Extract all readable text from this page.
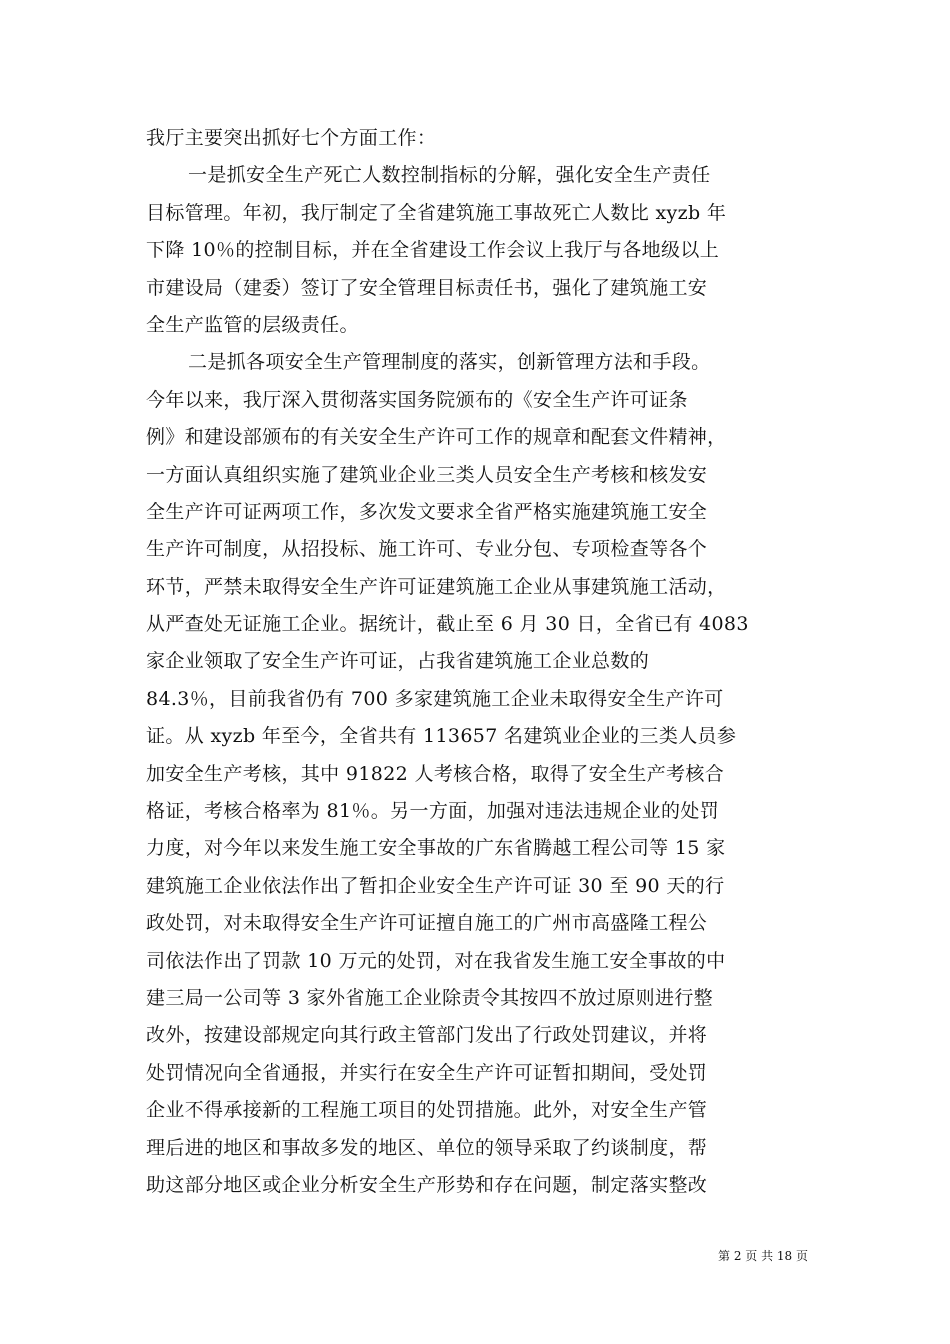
我厅主要突出抓好七个方面工作：
一是抓安全生产死亡人数控制指标的分解，强化安全生产责任
目标管理。年初，我厅制定了全省建筑施工事故死亡人数比 xyzb 年
下降 10％的控制目标，并在全省建设工作会议上我厅与各地级以上
市建设局（建委）签订了安全管理目标责任书，强化了建筑施工安
全生产监管的层级责任。
二是抓各项安全生产管理制度的落实，创新管理方法和手段。
今年以来，我厅深入贯彻落实国务院颁布的《安全生产许可证条
例》和建设部颁布的有关安全生产许可工作的规章和配套文件精神，
一方面认真组织实施了建筑业企业三类人员安全生产考核和核发安
全生产许可证两项工作，多次发文要求全省严格实施建筑施工安全
生产许可制度，从招投标、施工许可、专业分包、专项检查等各个
环节，严禁未取得安全生产许可证建筑施工企业从事建筑施工活动，
从严查处无证施工企业。据统计，截止至 6 月 30 日，全省已有 4083
家企业领取了安全生产许可证，占我省建筑施工企业总数的
84.3％，目前我省仍有 700 多家建筑施工企业未取得安全生产许可
证。从 xyzb 年至今，全省共有 113657 名建筑业企业的三类人员参
加安全生产考核，其中 91822 人考核合格，取得了安全生产考核合
格证，考核合格率为 81％。另一方面，加强对违法违规企业的处罚
力度，对今年以来发生施工安全事故的广东省腾越工程公司等 15 家
建筑施工企业依法作出了暂扣企业安全生产许可证 30 至 90 天的行
政处罚，对未取得安全生产许可证擅自施工的广州市高盛隆工程公
司依法作出了罚款 10 万元的处罚，对在我省发生施工安全事故的中
建三局一公司等 3 家外省施工企业除责令其按四不放过原则进行整
改外，按建设部规定向其行政主管部门发出了行政处罚建议，并将
处罚情况向全省通报，并实行在安全生产许可证暂扣期间，受处罚
企业不得承接新的工程施工项目的处罚措施。此外，对安全生产管
理后进的地区和事故多发的地区、单位的领导采取了约谈制度，帮
助这部分地区或企业分析安全生产形势和存在问题，制定落实整改
第 2 页 共 18 页
